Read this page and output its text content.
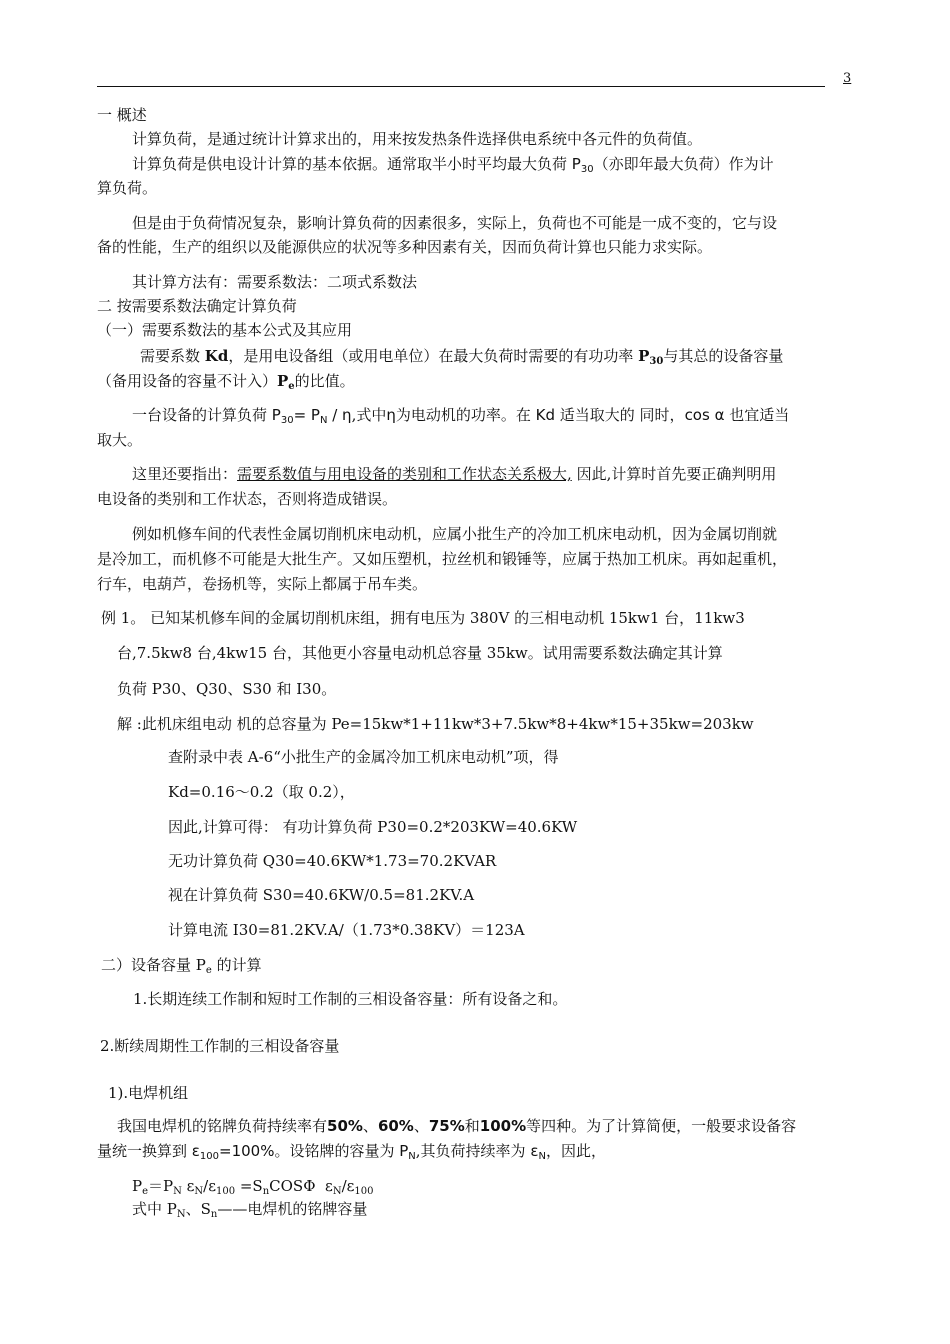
3
一 概述
计算负荷，是通过统计计算求出的，用来按发热条件选择供电系统中各元件的负荷值。
计算负荷是供电设计计算的基本依据。通常取半小时平均最大负荷 $P_{30}$（亦即年最大负荷）作为计
算负荷。
但是由于负荷情况复杂，影响计算负荷的因素很多，实际上，负荷也不可能是一成不变的，它与设
备的性能，生产的组织以及能源供应的状况等多种因素有关，因而负荷计算也只能力求实际。
其计算方法有：需要系数法：二项式系数法
二 按需要系数法确定计算负荷
（一）需要系数法的基本公式及其应用
需要系数 Kd，是用电设备组（或用电单位）在最大负荷时需要的有功功率 $P_{30}$与其总的设备容量
（备用设备的容量不计入）$P_e$的比值。
一台设备的计算负荷 $P_{30}= P_N / \eta$,式中η为电动机的功率。在 Kd 适当取大的 同时，cos α 也宜适当
取大。
这里还要指出：需要系数值与用电设备的类别和工作状态关系极大, 因此,计算时首先要正确判明用
电设备的类别和工作状态，否则将造成错误。
例如机修车间的代表性金属切削机床电动机，应属小批生产的冷加工机床电动机，因为金属切削就
是冷加工，而机修不可能是大批生产。又如压塑机，拉丝机和锻锤等，应属于热加工机床。再如起重机，
行车，电葫芦，卷扬机等，实际上都属于吊车类。
例 1。 已知某机修车间的金属切削机床组，拥有电压为 380V 的三相电动机 15kw1 台，11kw3
台,7.5kw8 台,4kw15 台，其他更小容量电动机总容量 35kw。试用需要系数法确定其计算
负荷 P30、Q30、S30 和 I30。
解 :此机床组电动 机的总容量为 Pe=15kw*1+11kw*3+7.5kw*8+4kw*15+35kw=203kw
查附录中表 A-6“小批生产的金属冷加工机床电动机”项，得
Kd=0.16～0.2（取 0.2），
因此,计算可得： 有功计算负荷 P30=0.2*203KW=40.6KW
无功计算负荷 Q30=40.6KW*1.73=70.2KVAR
视在计算负荷 S30=40.6KW/0.5=81.2KV.A
计算电流 I30=81.2KV.A/（1.73*0.38KV）＝123A
二）设备容量 $P_e$ 的计算
1.长期连续工作制和短时工作制的三相设备容量：所有设备之和。
2.断续周期性工作制的三相设备容量
1).电焊机组
我国电焊机的铭牌负荷持续率有50%、60%、75%和100%等四种。为了计算简便，一般要求设备容
量统一换算到 $\varepsilon_{100}=100\%$。设铭牌的容量为 $P_N$,其负荷持续率为 $\varepsilon_N$，因此，
$P_e=P_N$ $\varepsilon_N/\varepsilon_{100} =S_nCOS\Phi$  $\varepsilon_N/\varepsilon_{100}$
式中 $P_N$、$S_n——$电焊机的铭牌容量
